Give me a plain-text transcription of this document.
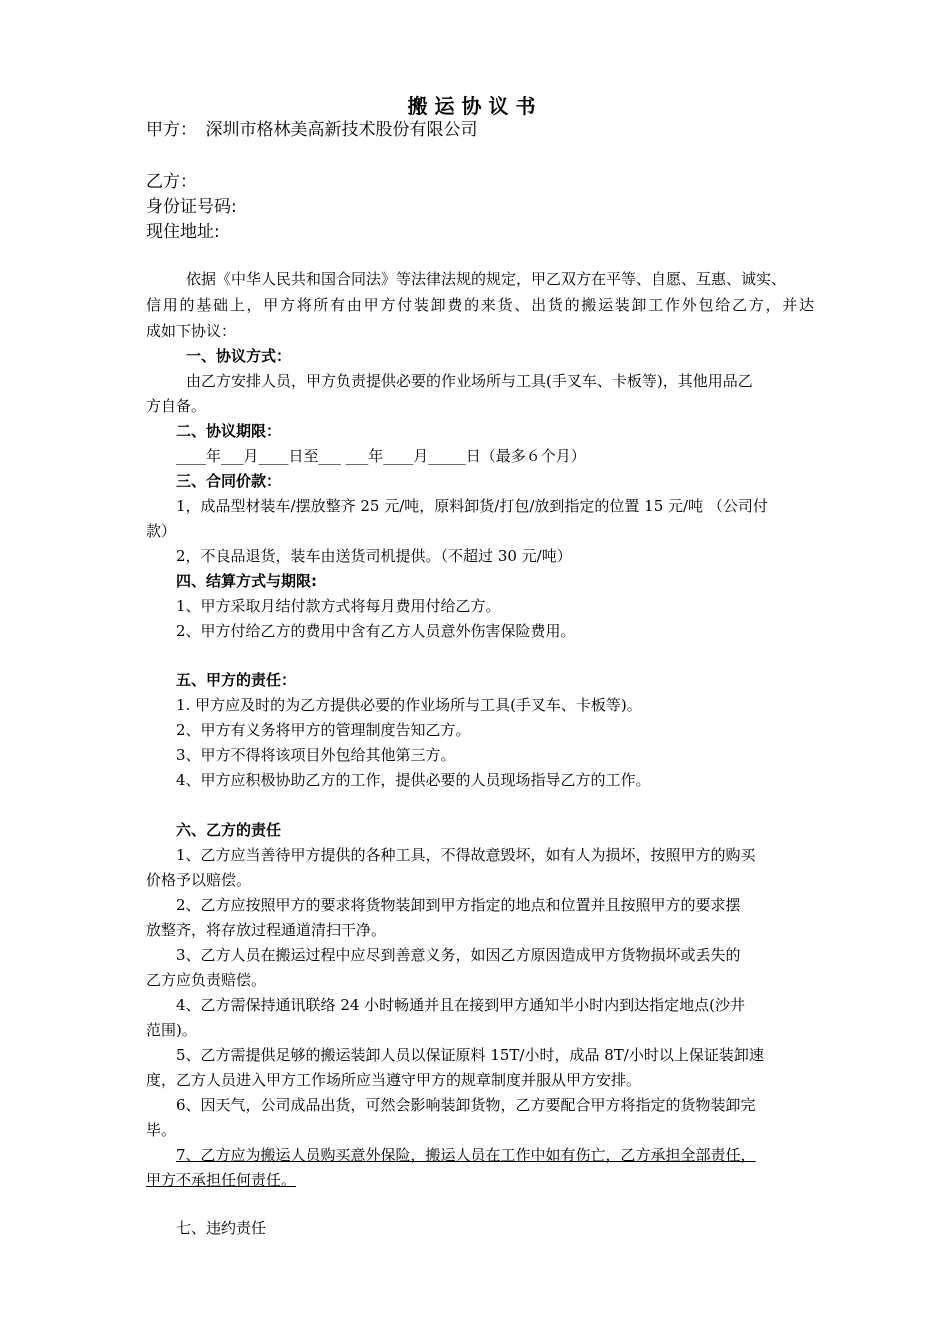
搬运协议书
甲方：　深圳市格林美高新技术股份有限公司
乙方：
身份证号码:
现住地址:
依据《中华人民共和国合同法》等法律法规的规定，甲乙双方在平等、自愿、互惠、诚实、
信用的基础上，甲方将所有由甲方付装卸费的来货、出货的搬运装卸工作外包给乙方，并达
成如下协议：
一、协议方式：
由乙方安排人员，甲方负责提供必要的作业场所与工具(手叉车、卡板等)，其他用品乙
方自备。
二、协议期限：
____年___月____日至___ ___年____月_____日（最多６个月）
三、合同价款：
1，成品型材装车/摆放整齐 25 元/吨，原料卸货/打包/放到指定的位置 15 元/吨 （公司付
款）
2，不良品退货，装车由送货司机提供。（不超过 30 元/吨）
四、结算方式与期限:
1、甲方采取月结付款方式将每月费用付给乙方。
2、甲方付给乙方的费用中含有乙方人员意外伤害保险费用。
五、甲方的责任：
1. 甲方应及时的为乙方提供必要的作业场所与工具(手叉车、卡板等)。
2、甲方有义务将甲方的管理制度告知乙方。
3、甲方不得将该项目外包给其他第三方。
4、甲方应积极协助乙方的工作，提供必要的人员现场指导乙方的工作。
六、乙方的责任
1、乙方应当善待甲方提供的各种工具，不得故意毁坏，如有人为损坏，按照甲方的购买
价格予以赔偿。
2、乙方应按照甲方的要求将货物装卸到甲方指定的地点和位置并且按照甲方的要求摆
放整齐，将存放过程通道清扫干净。
3、乙方人员在搬运过程中应尽到善意义务，如因乙方原因造成甲方货物损坏或丢失的
乙方应负责赔偿。
4、乙方需保持通讯联络 24 小时畅通并且在接到甲方通知半小时内到达指定地点(沙井
范围)。
5、乙方需提供足够的搬运装卸人员以保证原料 15T/小时，成品 8T/小时以上保证装卸速
度，乙方人员进入甲方工作场所应当遵守甲方的规章制度并服从甲方安排。
6、因天气，公司成品出货，可然会影响装卸货物，乙方要配合甲方将指定的货物装卸完
毕。
7、乙方应为搬运人员购买意外保险，搬运人员在工作中如有伤亡，乙方承担全部责任，
甲方不承担任何责任。
七、违约责任
